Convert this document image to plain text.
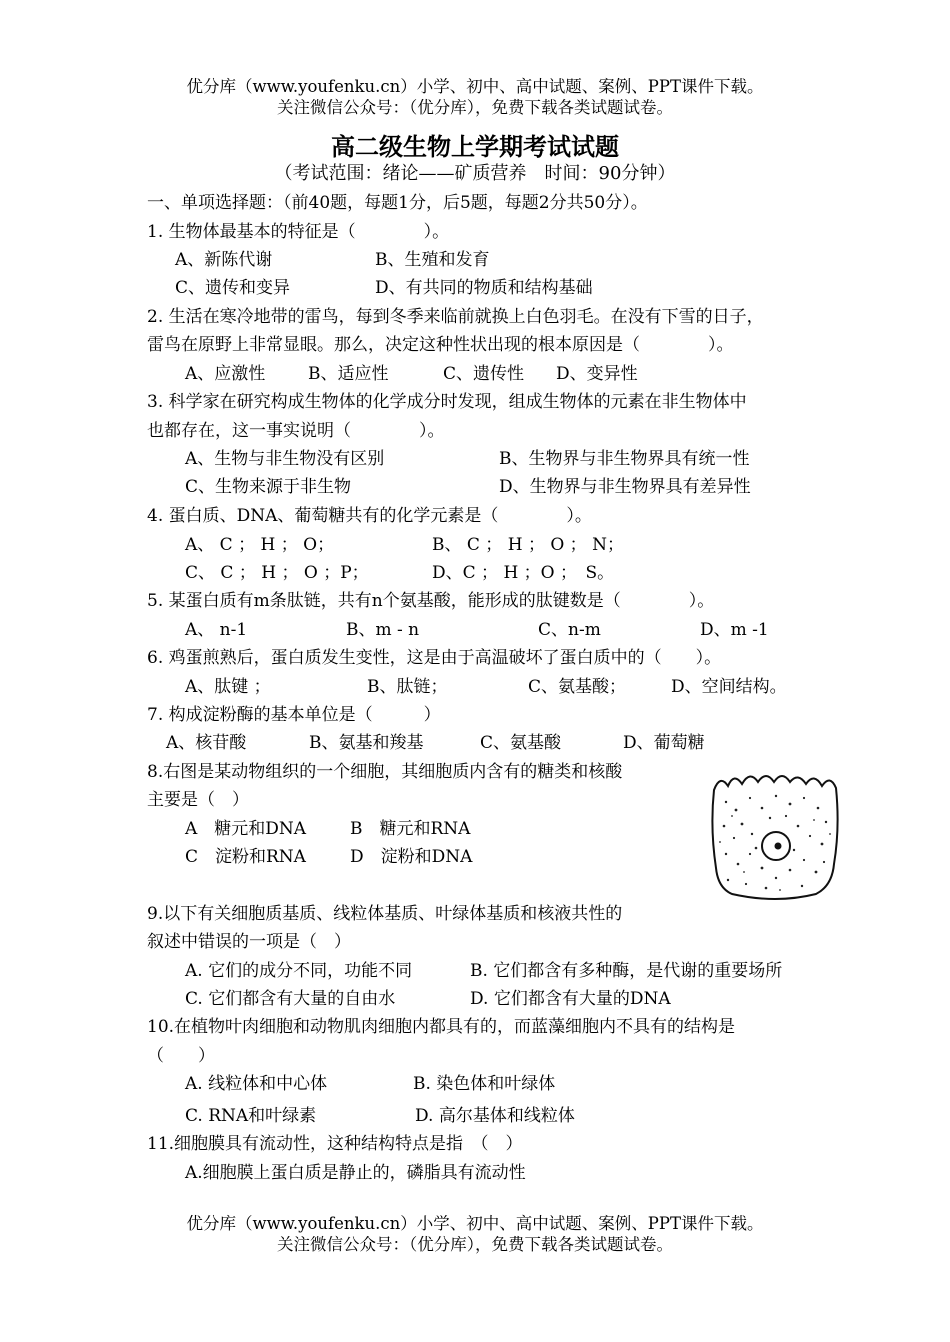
优分库（www.youfenku.cn）小学、初中、高中试题、案例、PPT课件下载。
关注微信公众号：（优分库），免费下载各类试题试卷。
高二级生物上学期考试试题
（考试范围：绪论——矿质营养　时间：90分钟）
一、单项选择题：（前40题，每题1分，后5题，每题2分共50分）。
1. 生物体最基本的特征是（　　　　）。
A、新陈代谢	B、生殖和发育
C、遗传和变异	D、有共同的物质和结构基础
2. 生活在寒冷地带的雷鸟，每到冬季来临前就换上白色羽毛。在没有下雪的日子，
雷鸟在原野上非常显眼。那么，决定这种性状出现的根本原因是（　　　　）。
A、应激性	B、适应性	C、遗传性 D、变异性
3. 科学家在研究构成生物体的化学成分时发现，组成生物体的元素在非生物体中
也都存在，这一事实说明（　　　　）。
A、生物与非生物没有区别	B、生物界与非生物界具有统一性
C、生物来源于非生物	D、生物界与非生物界具有差异性
4. 蛋白质、DNA、葡萄糖共有的化学元素是（　　　　）。
A、 C ； H ； O；	B、 C ； H ； O ； N；
C、 C ； H ； O ；P；	D、C ； H ；O ；　S。
5. 某蛋白质有m条肽链，共有n个氨基酸，能形成的肽键数是（　　　　）。
A、 n-1	B、m - n	C、n-m	D、m -1
6. 鸡蛋煎熟后，蛋白质发生变性，这是由于高温破坏了蛋白质中的（　　）。
A、肽键 ；	B、肽链；	C、氨基酸；	D、空间结构。
7. 构成淀粉酶的基本单位是（　　　）
A、核苷酸	B、氨基和羧基	C、氨基酸	D、葡萄糖
8.右图是某动物组织的一个细胞，其细胞质内含有的糖类和核酸
主要是（　）
A　糖元和DNA	B　糖元和RNA
C　淀粉和RNA	D　淀粉和DNA
9.以下有关细胞质基质、线粒体基质、叶绿体基质和核液共性的
叙述中错误的一项是（　）
A. 它们的成分不同，功能不同	B. 它们都含有多种酶，是代谢的重要场所
C. 它们都含有大量的自由水	D. 它们都含有大量的DNA
10.在植物叶肉细胞和动物肌肉细胞内都具有的，而蓝藻细胞内不具有的结构是
（　　）
A. 线粒体和中心体	B. 染色体和叶绿体
C. RNA和叶绿素	D. 高尔基体和线粒体
11.细胞膜具有流动性，这种结构特点是指　（　）
A.细胞膜上蛋白质是静止的，磷脂具有流动性
优分库（www.youfenku.cn）小学、初中、高中试题、案例、PPT课件下载。
关注微信公众号：（优分库），免费下载各类试题试卷。
